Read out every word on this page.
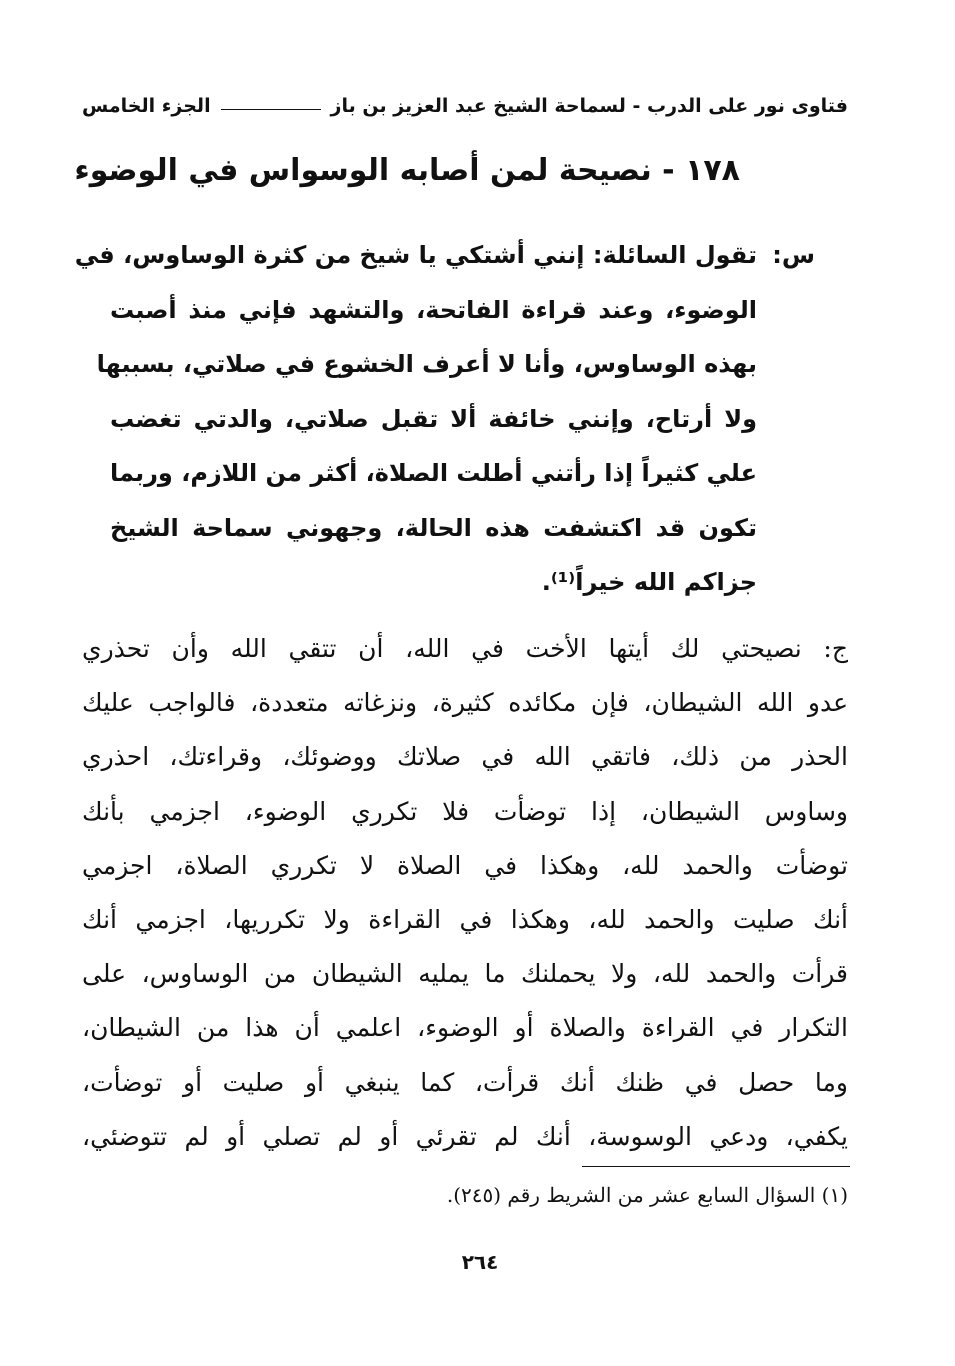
فتاوى نور على الدرب - لسماحة الشيخ عبد العزيز بن باز
الجزء الخامس
١٧٨ - نصيحة لمن أصابه الوسواس في الوضوء
س:
تقول السائلة: إنني أشتكي يا شيخ من كثرة الوساوس، في
الوضوء، وعند قراءة الفاتحة، والتشهد فإني منذ أصبت
بهذه الوساوس، وأنا لا أعرف الخشوع في صلاتي، بسببها
ولا أرتاح، وإنني خائفة ألا تقبل صلاتي، والدتي تغضب
علي كثيراً إذا رأتني أطلت الصلاة، أكثر من اللازم، وربما
تكون قد اكتشفت هذه الحالة، وجهوني سماحة الشيخ
جزاكم الله خيراً⁽¹⁾.
ج: نصيحتي لك أيتها الأخت في الله، أن تتقي الله وأن تحذري
عدو الله الشيطان، فإن مكائده كثيرة، ونزغاته متعددة، فالواجب عليك
الحذر من ذلك، فاتقي الله في صلاتك ووضوئك، وقراءتك، احذري
وساوس الشيطان، إذا توضأت فلا تكرري الوضوء، اجزمي بأنك
توضأت والحمد لله، وهكذا في الصلاة لا تكرري الصلاة، اجزمي
أنك صليت والحمد لله، وهكذا في القراءة ولا تكرريها، اجزمي أنك
قرأت والحمد لله، ولا يحملنك ما يمليه الشيطان من الوساوس، على
التكرار في القراءة والصلاة أو الوضوء، اعلمي أن هذا من الشيطان،
وما حصل في ظنك أنك قرأت، كما ينبغي أو صليت أو توضأت،
يكفي، ودعي الوسوسة، أنك لم تقرئي أو لم تصلي أو لم تتوضئي،
(١) السؤال السابع عشر من الشريط رقم (٢٤٥).
٢٦٤
